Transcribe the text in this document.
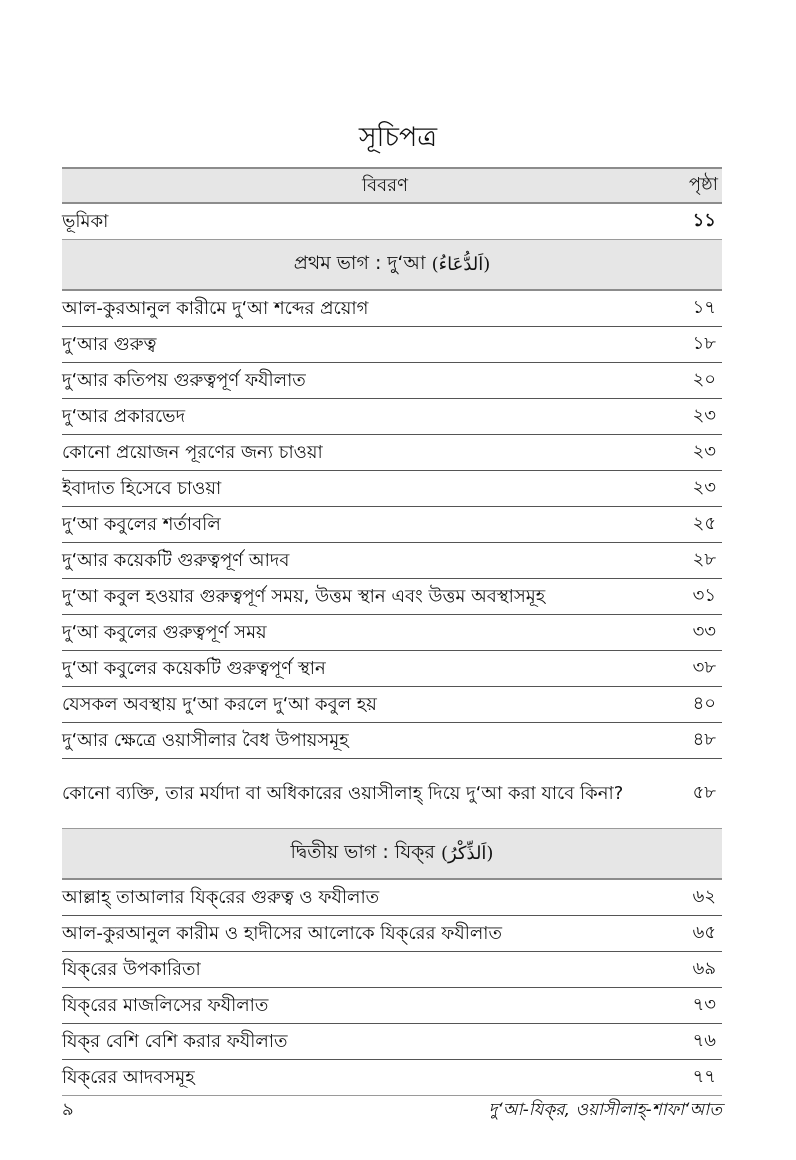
সূচিপত্র
বিবরণ	পৃষ্ঠা
ভূমিকা	১১
প্রথম ভাগ : দু‘আ
(اَلدُّعَاءُ)
আল-কুরআনুল কারীমে দু‘আ শব্দের প্রয়োগ	১৭
দু‘আর গুরুত্ব	১৮
দু‘আর কতিপয় গুরুত্বপূর্ণ ফযীলাত	২০
দু‘আর প্রকারভেদ	২৩
কোনো প্রয়োজন পূরণের জন্য চাওয়া	২৩
ইবাদাত হিসেবে চাওয়া	২৩
দু‘আ কবুলের শর্তাবলি	২৫
দু‘আর কয়েকটি গুরুত্বপূর্ণ আদব	২৮
দু‘আ কবুল হওয়ার গুরুত্বপূর্ণ সময়, উত্তম স্থান এবং উত্তম অবস্থাসমূহ	৩১
দু‘আ কবুলের গুরুত্বপূর্ণ সময়	৩৩
দু‘আ কবুলের কয়েকটি গুরুত্বপূর্ণ স্থান	৩৮
যেসকল অবস্থায় দু‘আ করলে দু‘আ কবুল হয়	৪০
দু‘আর ক্ষেত্রে ওয়াসীলার বৈধ উপায়সমূহ	৪৮
কোনো ব্যক্তি, তার মর্যাদা বা অধিকারের ওয়াসীলাহ্‌ দিয়ে দু‘আ করা যাবে কিনা?	৫৮
দ্বিতীয় ভাগ : যিক্‌র
(اَلذِّكْرُ)
আল্লাহ্‌ তাআলার যিক্‌রের গুরুত্ব ও ফযীলাত	৬২
আল-কুরআনুল কারীম ও হাদীসের আলোকে যিক্‌রের ফযীলাত	৬৫
যিক্‌রের উপকারিতা	৬৯
যিক্‌রের মাজলিসের ফযীলাত	৭৩
যিক্‌র বেশি বেশি করার ফযীলাত	৭৬
যিক্‌রের আদবসমূহ	৭৭
৯	দু‘আ-যিক্‌র, ওয়াসীলাহ্‌-শাফা‘আত
